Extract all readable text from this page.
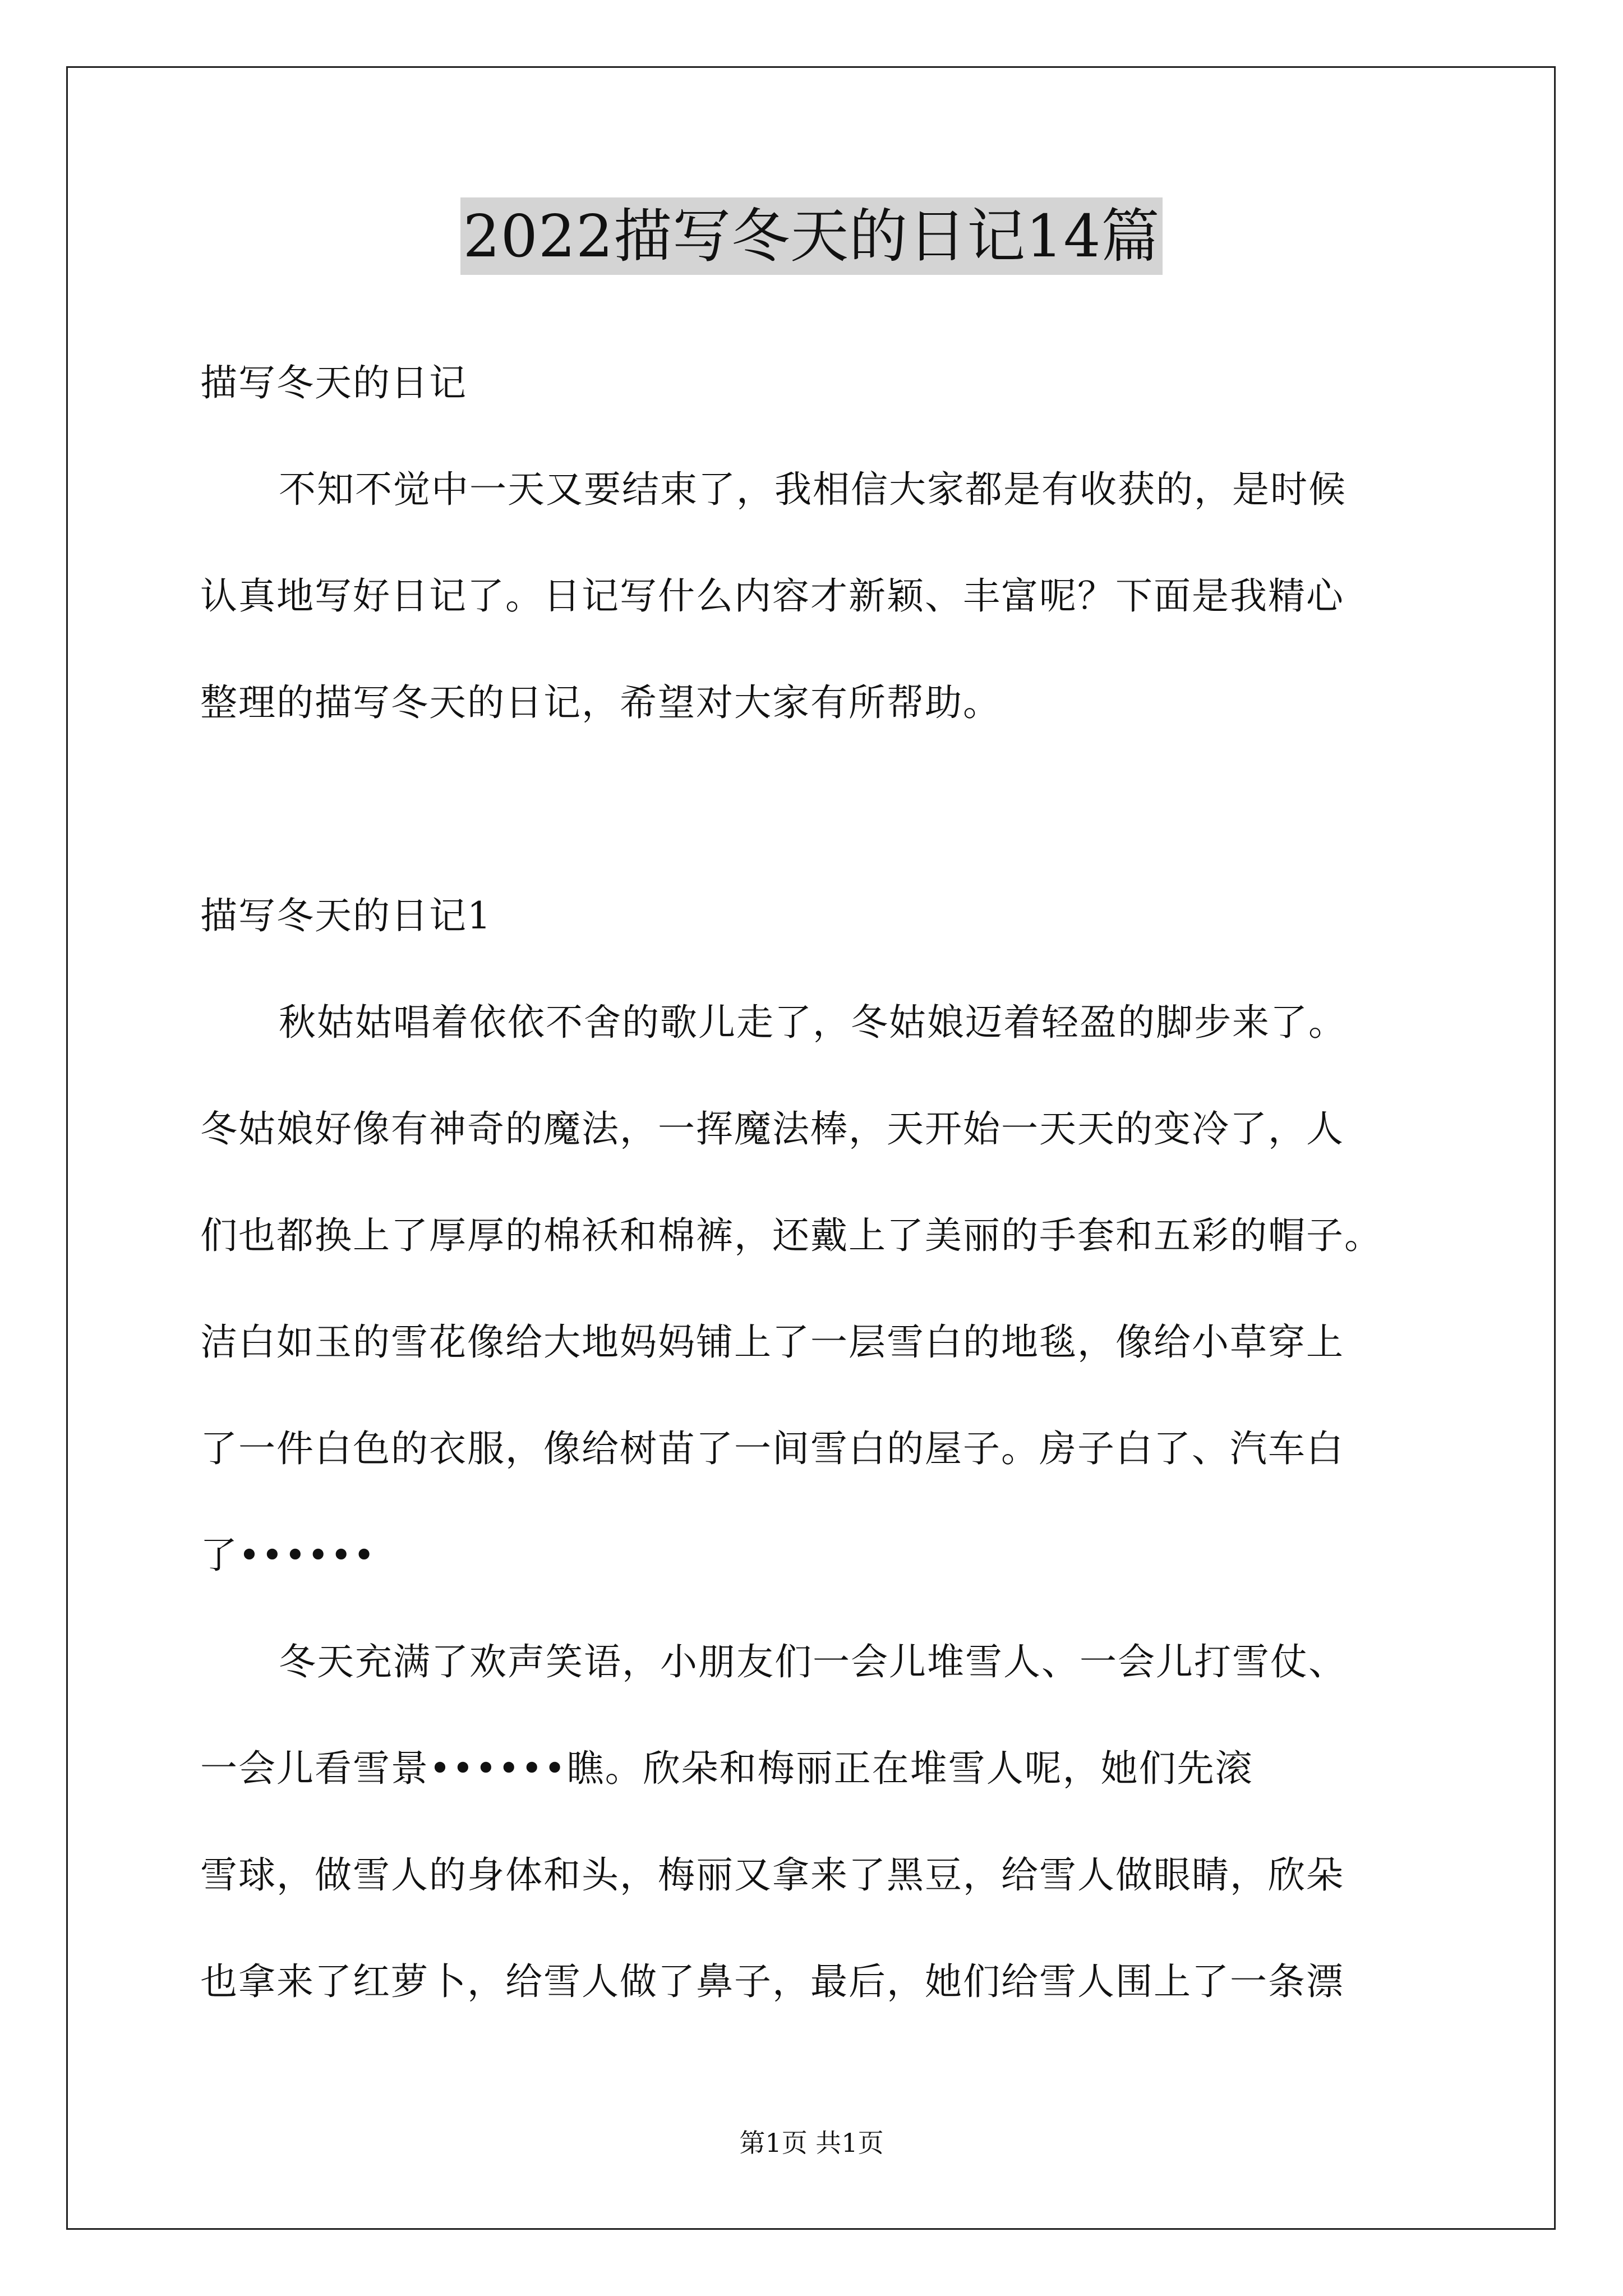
2022描写冬天的日记14篇
描写冬天的日记
不知不觉中一天又要结束了，我相信大家都是有收获的，是时候
认真地写好日记了。日记写什么内容才新颖、丰富呢？下面是我精心
整理的描写冬天的日记，希望对大家有所帮助。
描写冬天的日记1
秋姑姑唱着依依不舍的歌儿走了，冬姑娘迈着轻盈的脚步来了。
冬姑娘好像有神奇的魔法，一挥魔法棒，天开始一天天的变冷了，人
们也都换上了厚厚的棉袄和棉裤，还戴上了美丽的手套和五彩的帽子。
洁白如玉的雪花像给大地妈妈铺上了一层雪白的地毯，像给小草穿上
了一件白色的衣服，像给树苗了一间雪白的屋子。房子白了、汽车白
了••••••
冬天充满了欢声笑语，小朋友们一会儿堆雪人、一会儿打雪仗、
一会儿看雪景••••••瞧。欣朵和梅丽正在堆雪人呢，她们先滚
雪球，做雪人的身体和头，梅丽又拿来了黑豆，给雪人做眼睛，欣朵
也拿来了红萝卜，给雪人做了鼻子，最后，她们给雪人围上了一条漂
第1页 共1页
